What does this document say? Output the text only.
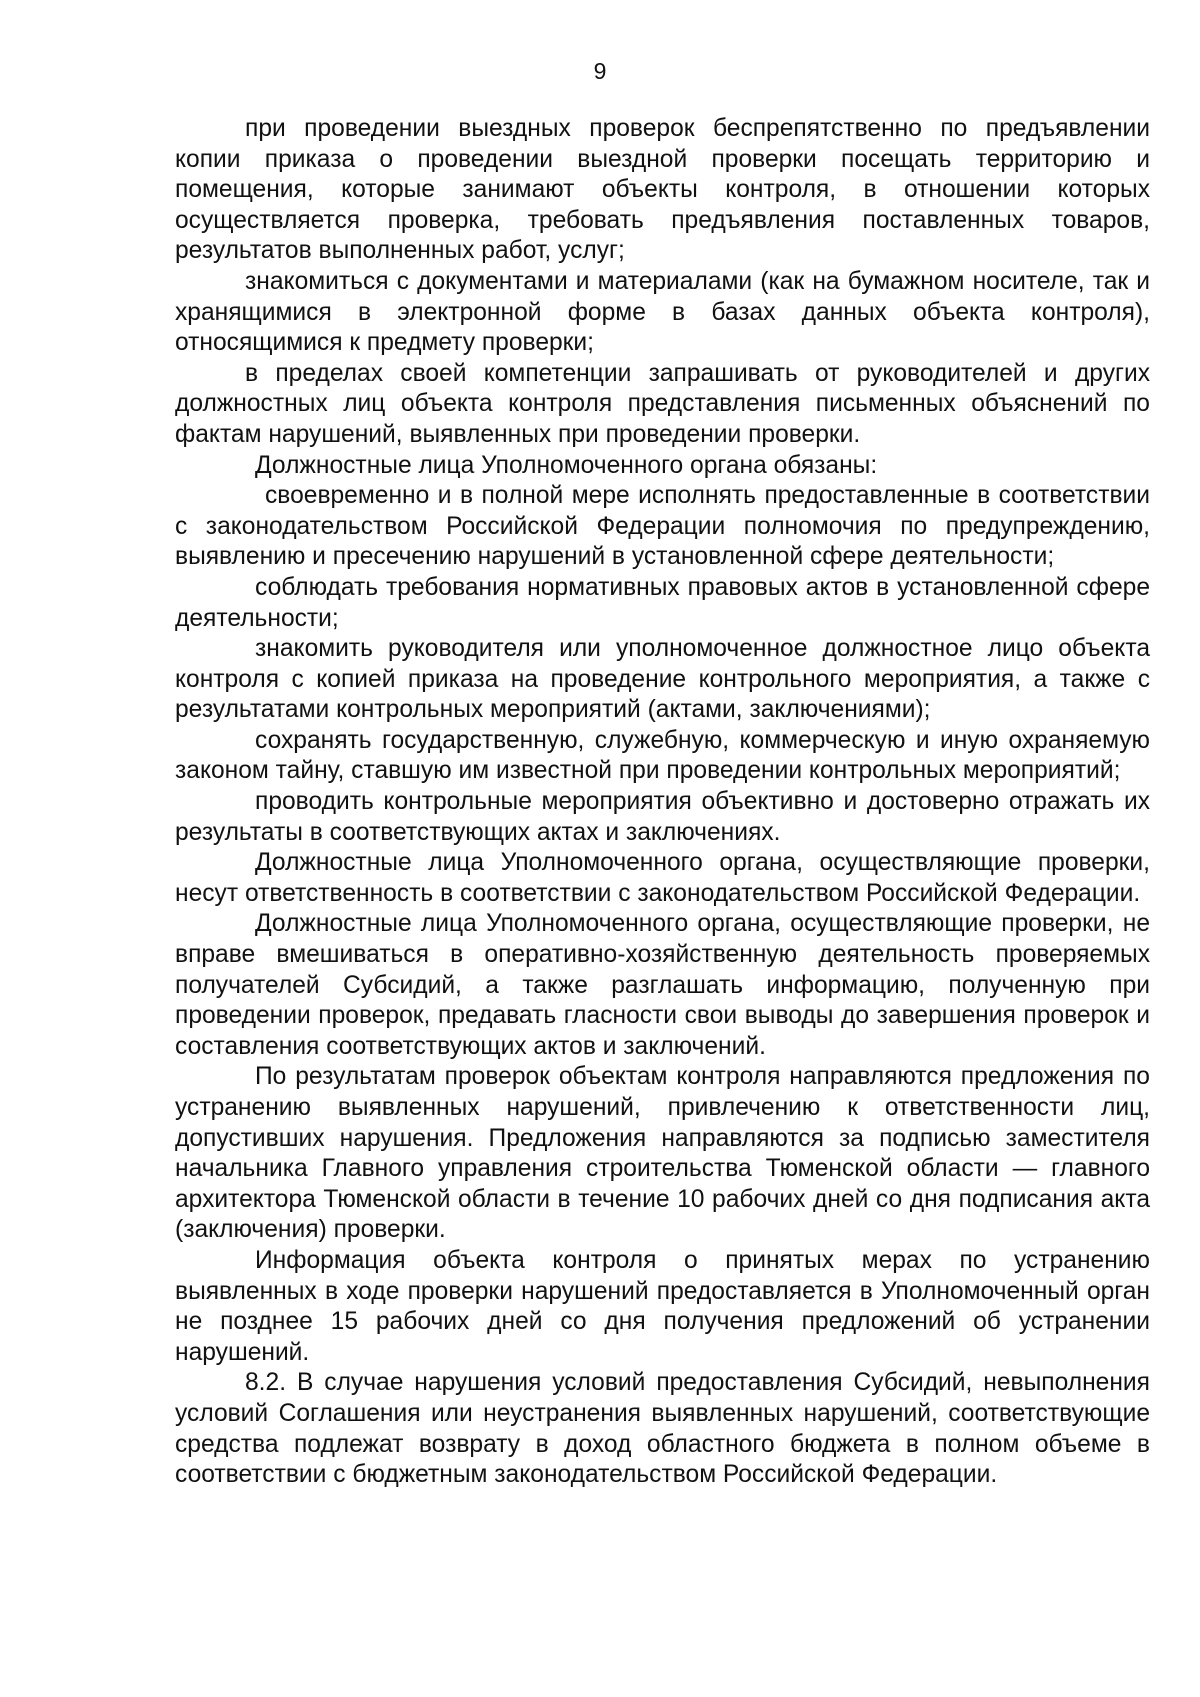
9

при проведении выездных проверок беспрепятственно по предъявлении копии приказа о проведении выездной проверки посещать территорию и помещения, которые занимают объекты контроля, в отношении которых осуществляется проверка, требовать предъявления поставленных товаров, результатов выполненных работ, услуг;

знакомиться с документами и материалами (как на бумажном носителе, так и хранящимися в электронной форме в базах данных объекта контроля), относящимися к предмету проверки;

в пределах своей компетенции запрашивать от руководителей и других должностных лиц объекта контроля представления письменных объяснений по фактам нарушений, выявленных при проведении проверки.

Должностные лица Уполномоченного органа обязаны:

своевременно и в полной мере исполнять предоставленные в соответствии с законодательством Российской Федерации полномочия по предупреждению, выявлению и пресечению нарушений в установленной сфере деятельности;

соблюдать требования нормативных правовых актов в установленной сфере деятельности;

знакомить руководителя или уполномоченное должностное лицо объекта контроля с копией приказа на проведение контрольного мероприятия, а также с результатами контрольных мероприятий (актами, заключениями);

сохранять государственную, служебную, коммерческую и иную охраняемую законом тайну, ставшую им известной при проведении контрольных мероприятий;

проводить контрольные мероприятия объективно и достоверно отражать их результаты в соответствующих актах и заключениях.

Должностные лица Уполномоченного органа, осуществляющие проверки, несут ответственность в соответствии с законодательством Российской Федерации.

Должностные лица Уполномоченного органа, осуществляющие проверки, не вправе вмешиваться в оперативно-хозяйственную деятельность проверяемых получателей Субсидий, а также разглашать информацию, полученную при проведении проверок, предавать гласности свои выводы до завершения проверок и составления соответствующих актов и заключений.

По результатам проверок объектам контроля направляются предложения по устранению выявленных нарушений, привлечению к ответственности лиц, допустивших нарушения. Предложения направляются за подписью заместителя начальника Главного управления строительства Тюменской области — главного архитектора Тюменской области в течение 10 рабочих дней со дня подписания акта (заключения) проверки.

Информация объекта контроля о принятых мерах по устранению выявленных в ходе проверки нарушений предоставляется в Уполномоченный орган не позднее 15 рабочих дней со дня получения предложений об устранении нарушений.

8.2. В случае нарушения условий предоставления Субсидий, невыполнения условий Соглашения или неустранения выявленных нарушений, соответствующие средства подлежат возврату в доход областного бюджета в полном объеме в соответствии с бюджетным законодательством Российской Федерации.
